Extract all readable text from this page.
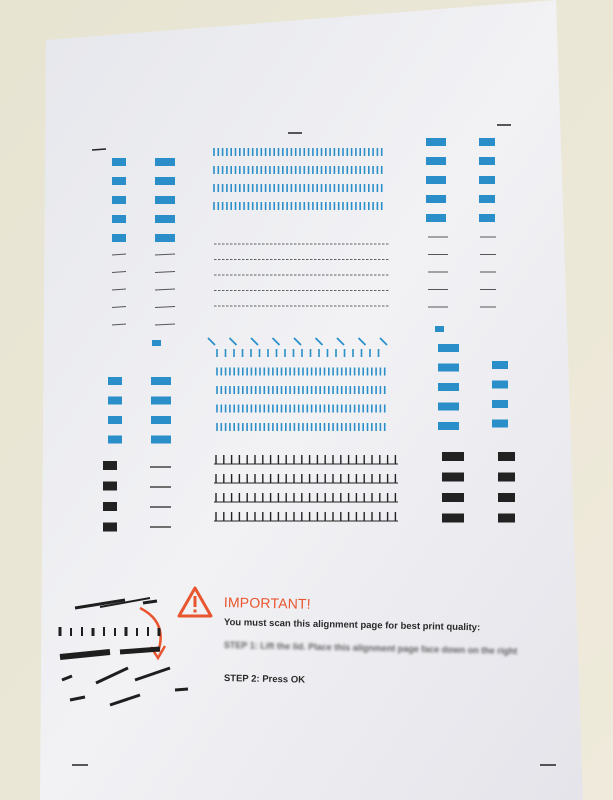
IMPORTANT!
You must scan this alignment page for best print quality:
STEP 1: Lift the lid. Place this alignment page face down on the right
STEP 2: Press OK
